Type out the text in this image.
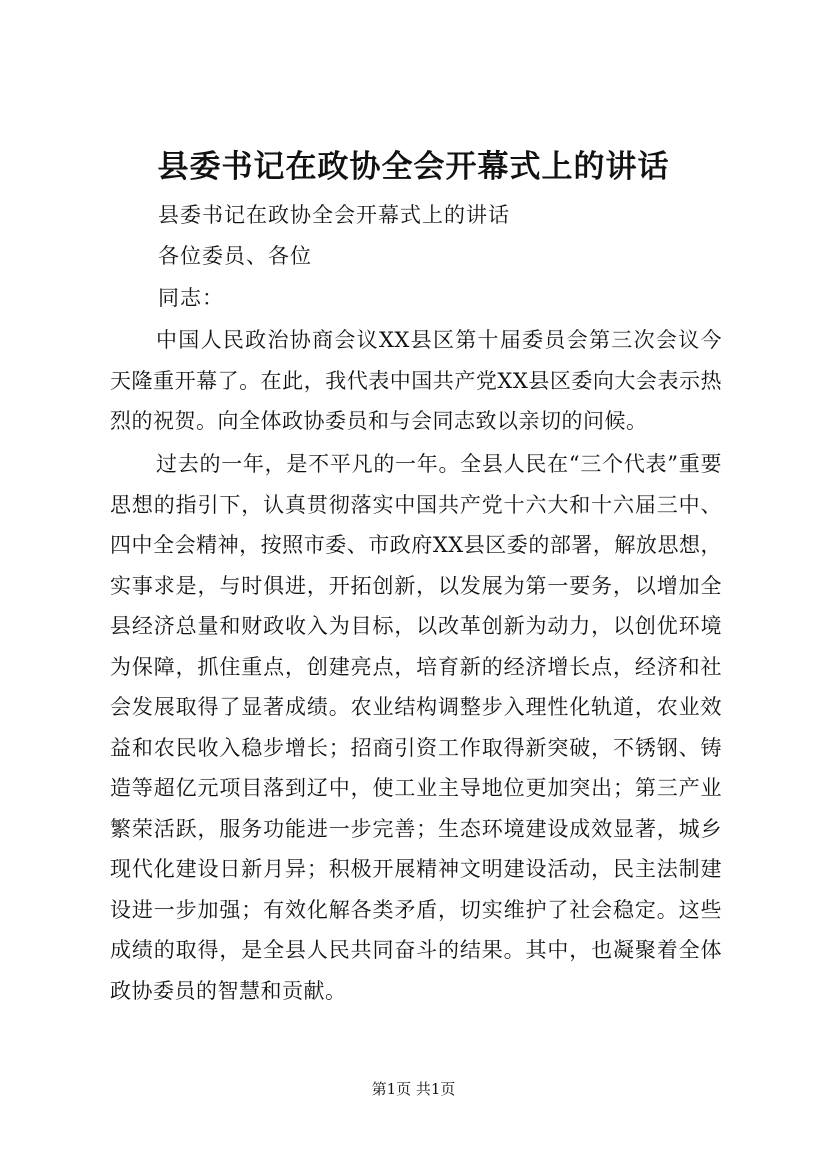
县委书记在政协全会开幕式上的讲话
县委书记在政协全会开幕式上的讲话
各位委员、各位
同志：

中国人民政治协商会议XX县区第十届委员会第三次会议今天隆重开幕了。在此，我代表中国共产党XX县区委向大会表示热烈的祝贺。向全体政协委员和与会同志致以亲切的问候。

过去的一年，是不平凡的一年。全县人民在“三个代表”重要思想的指引下，认真贯彻落实中国共产党十六大和十六届三中、四中全会精神，按照市委、市政府XX县区委的部署，解放思想，实事求是，与时俱进，开拓创新，以发展为第一要务，以增加全县经济总量和财政收入为目标，以改革创新为动力，以创优环境为保障，抓住重点，创建亮点，培育新的经济增长点，经济和社会发展取得了显著成绩。农业结构调整步入理性化轨道，农业效益和农民收入稳步增长；招商引资工作取得新突破，不锈钢、铸造等超亿元项目落到辽中，使工业主导地位更加突出；第三产业繁荣活跃，服务功能进一步完善；生态环境建设成效显著，城乡现代化建设日新月异；积极开展精神文明建设活动，民主法制建设进一步加强；有效化解各类矛盾，切实维护了社会稳定。这些成绩的取得，是全县人民共同奋斗的结果。其中，也凝聚着全体政协委员的智慧和贡献。

第1页 共1页
